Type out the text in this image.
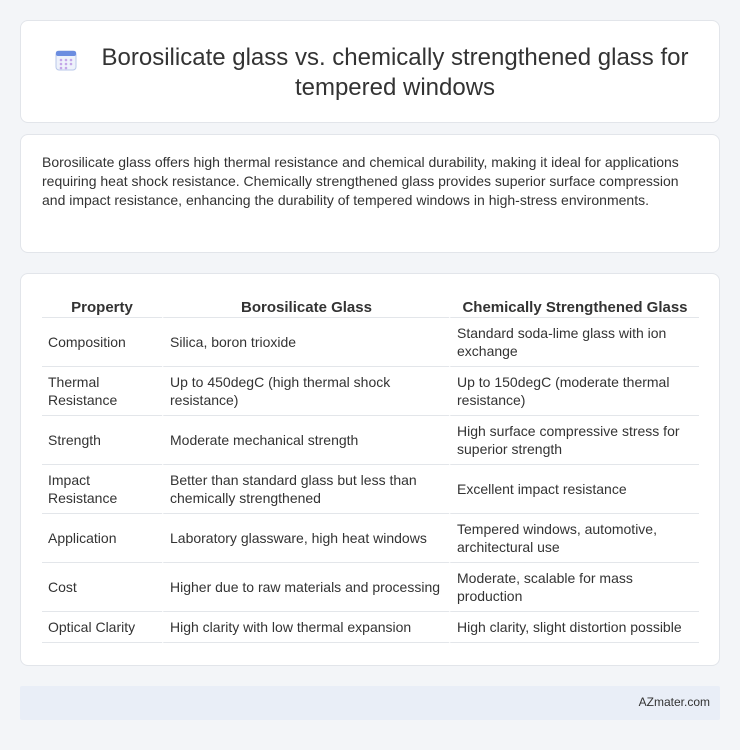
Borosilicate glass vs. chemically strengthened glass for tempered windows

Borosilicate glass offers high thermal resistance and chemical durability, making it ideal for applications requiring heat shock resistance. Chemically strengthened glass provides superior surface compression and impact resistance, enhancing the durability of tempered windows in high-stress environments.

Property	Borosilicate Glass	Chemically Strengthened Glass
Composition	Silica, boron trioxide	Standard soda-lime glass with ion exchange
Thermal Resistance	Up to 450degC (high thermal shock resistance)	Up to 150degC (moderate thermal resistance)
Strength	Moderate mechanical strength	High surface compressive stress for superior strength
Impact Resistance	Better than standard glass but less than chemically strengthened	Excellent impact resistance
Application	Laboratory glassware, high heat windows	Tempered windows, automotive, architectural use
Cost	Higher due to raw materials and processing	Moderate, scalable for mass production
Optical Clarity	High clarity with low thermal expansion	High clarity, slight distortion possible
AZmater.com
